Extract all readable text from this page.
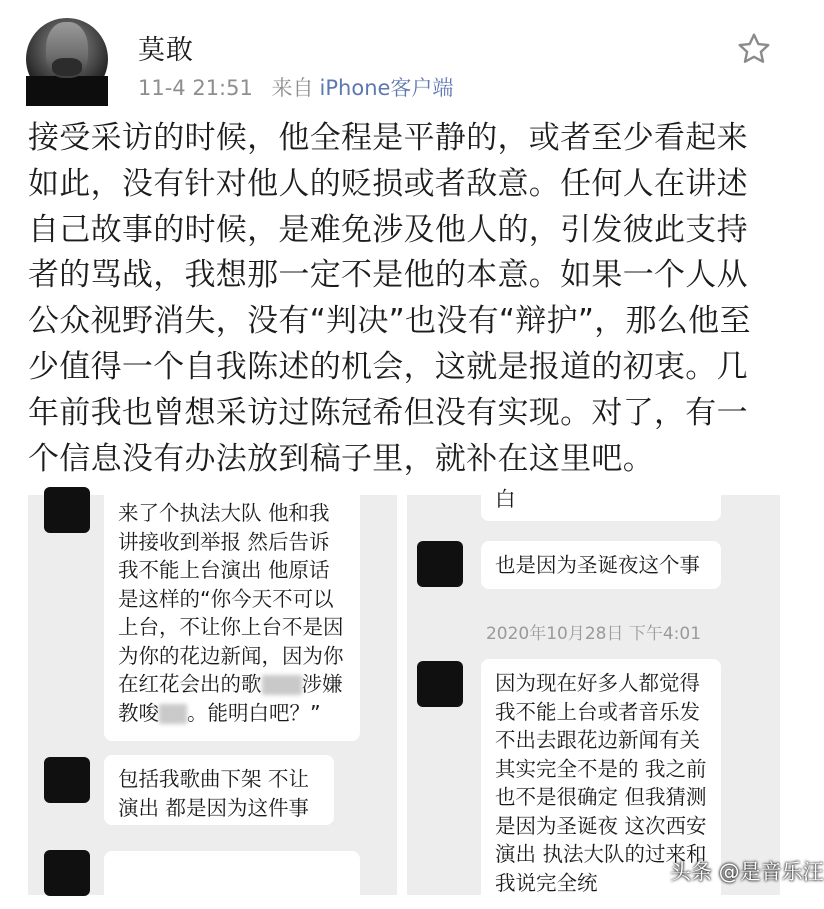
莫敢
11-4 21:51 来自 iPhone客户端
接受采访的时候，他全程是平静的，或者至少看起来如此，没有针对他人的贬损或者敌意。任何人在讲述自己故事的时候，是难免涉及他人的，引发彼此支持者的骂战，我想那一定不是他的本意。如果一个人从公众视野消失，没有“判决”也没有“辩护”，那么他至少值得一个自我陈述的机会，这就是报道的初衷。几年前我也曾想采访过陈冠希但没有实现。对了，有一个信息没有办法放到稿子里，就补在这里吧。
来了个执法大队 他和我讲接收到举报 然后告诉我不能上台演出 他原话是这样的“你今天不可以上台，不让你上台不是因为你的花边新闻，因为你在红花会出的歌 涉嫌教唆 。能明白吧？”
包括我歌曲下架 不让演出 都是因为这件事
白
也是因为圣诞夜这个事
2020年10月28日 下午4:01
因为现在好多人都觉得我不能上台或者音乐发不出去跟花边新闻有关 其实完全不是的 我之前也不是很确定 但我猜测是因为圣诞夜 这次西安演出 执法大队的过来和我说完全统	头条 @是音乐汪
